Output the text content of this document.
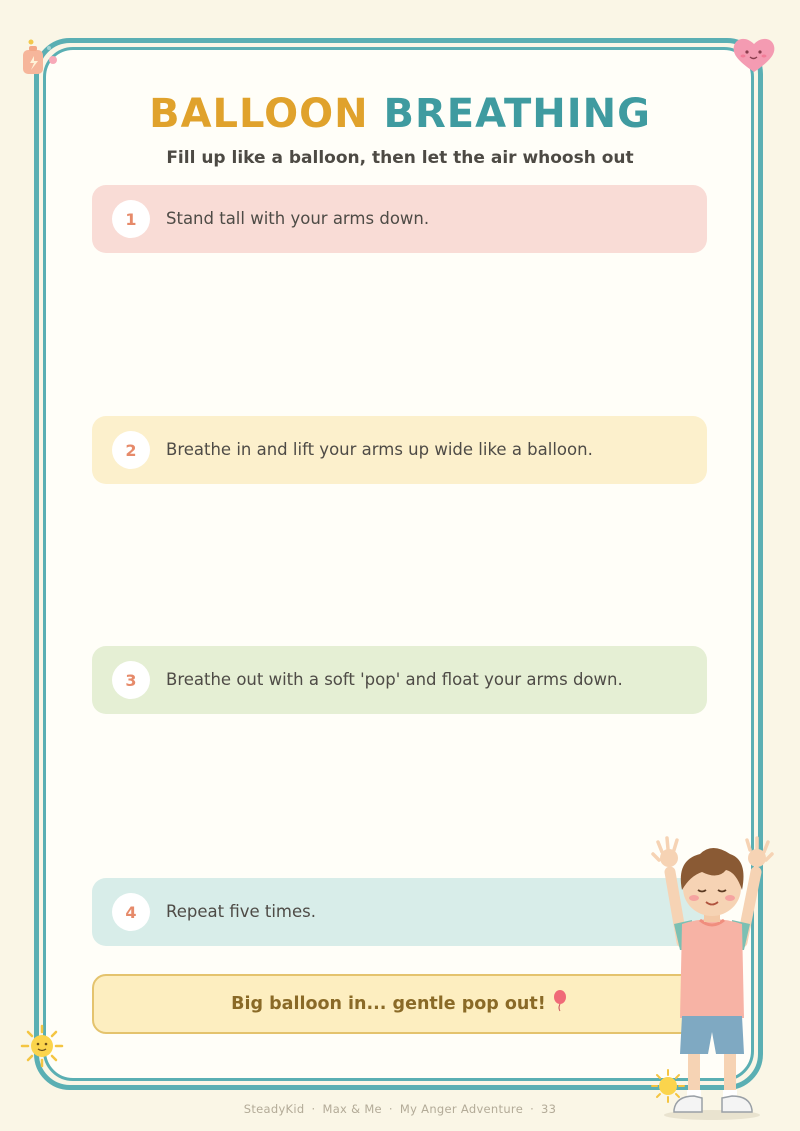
BALLOON BREATHING

Fill up like a balloon, then let the air whoosh out

1	Stand tall with your arms down.
2	Breathe in and lift your arms up wide like a balloon.
3	Breathe out with a soft 'pop' and float your arms down.
4	Repeat five times.
Big balloon in... gentle pop out!
SteadyKid · Max & Me · My Anger Adventure · 33
